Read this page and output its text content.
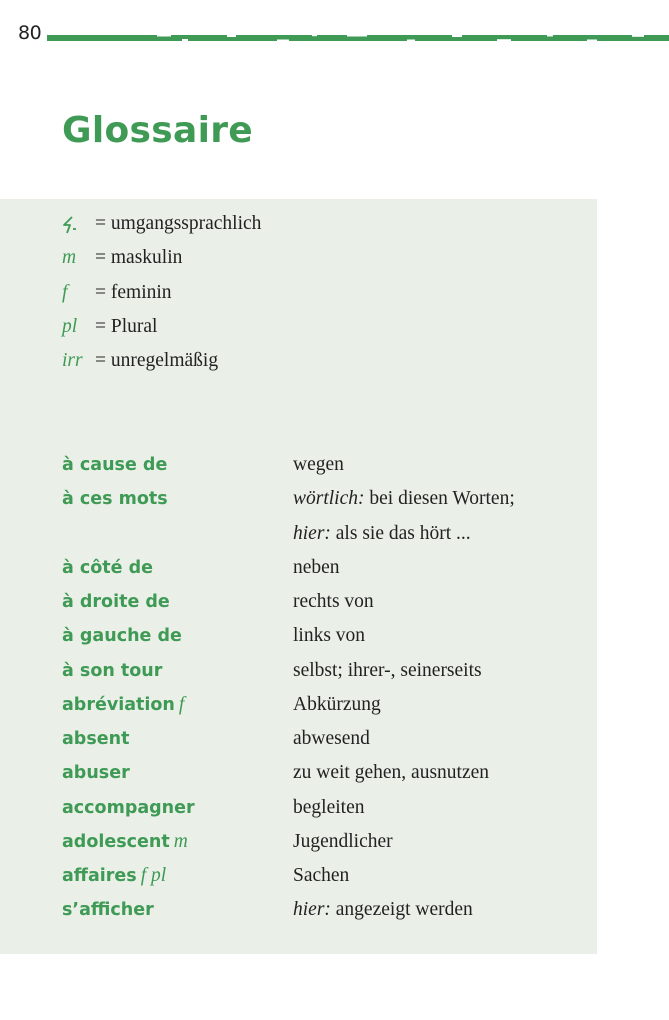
80
Glossaire
= umgangssprachlich
m = maskulin
f = feminin
pl = Plural
irr = unregelmäßig
à cause de	wegen
à ces mots	wörtlich: bei diesen Worten;
hier: als sie das hört ...
à côté de	neben
à droite de	rechts von
à gauche de	links von
à son tour	selbst; ihrer-, seinerseits
abréviation f	Abkürzung
absent	abwesend
abuser	zu weit gehen, ausnutzen
accompagner	begleiten
adolescent m	Jugendlicher
affaires f pl	Sachen
s’afficher	hier: angezeigt werden
